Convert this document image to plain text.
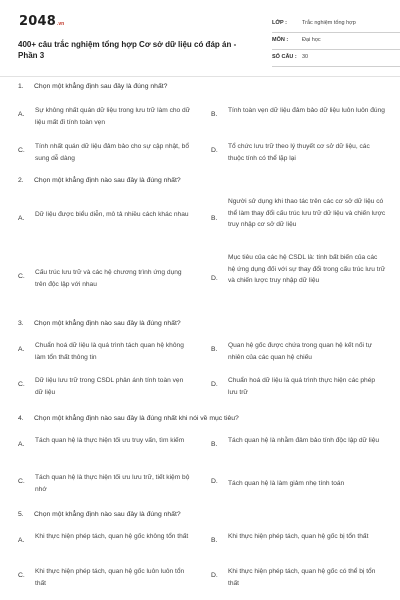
2048 .vn
400+ câu trắc nghiệm tổng hợp Cơ sở dữ liệu có đáp án - Phần 3
LỚP :	Trắc nghiệm tổng hợp
MÔN :	Đại học
SỐ CÂU : 30
1. Chọn một khẳng định sau đây là đúng nhất?
A.
Sự không nhất quán dữ liệu trong lưu trữ làm cho dữ liệu mất đi tính toàn vẹn
B.
Tính toàn vẹn dữ liệu đảm bảo dữ liệu luôn luôn đúng
C.
Tính nhất quán dữ liệu đảm bảo cho sự cập nhật, bổ sung dễ dàng
D.
Tổ chức lưu trữ theo lý thuyết cơ sở dữ liệu, các thuộc tính có thể lặp lại
2. Chọn một khẳng định nào sau đây là đúng nhất?
A.
Dữ liệu được biểu diễn, mô tả nhiều cách khác nhau
B.
Người sử dụng khi thao tác trên các cơ sở dữ liệu có thể làm thay đổi cấu trúc lưu trữ dữ liệu và chiến lược truy nhập cơ sở dữ liệu
C.
Cấu trúc lưu trữ và các hệ chương trình ứng dụng trên độc lập với nhau
D.
Mục tiêu của các hệ CSDL là: tính bất biến của các hệ ứng dụng đối với sự thay đổi trong cấu trúc lưu trữ và chiến lược truy nhập dữ liệu
3. Chọn một khẳng định nào sau đây là đúng nhất?
A.
Chuẩn hoá dữ liệu là quá trình tách quan hệ không làm tổn thất thông tin
B.
Quan hệ gốc được chứa trong quan hệ kết nối tự nhiên của các quan hệ chiếu
C.
Dữ liệu lưu trữ trong CSDL phản ánh tính toàn vẹn dữ liệu
D.
Chuẩn hoá dữ liệu là quá trình thực hiện các phép lưu trữ
4. Chọn một khẳng định nào sau đây là đúng nhất khi nói về mục tiêu?
A.
Tách quan hệ là thực hiện tối ưu truy vấn, tìm kiếm
B.
Tách quan hệ là nhằm đảm bảo tính độc lập dữ liệu
C.
Tách quan hệ là thực hiện tối ưu lưu trữ, tiết kiệm bộ nhớ
D. Tách quan hệ là làm giảm nhẹ tính toán
5. Chọn một khẳng định nào sau đây là đúng nhất?
A.
Khi thực hiện phép tách, quan hệ gốc không tổn thất
B.
Khi thực hiện phép tách, quan hệ gốc bị tổn thất
C.
Khi thực hiện phép tách, quan hệ gốc luôn luôn tổn thất
D.
Khi thực hiện phép tách, quan hệ gốc có thể bị tổn thất
